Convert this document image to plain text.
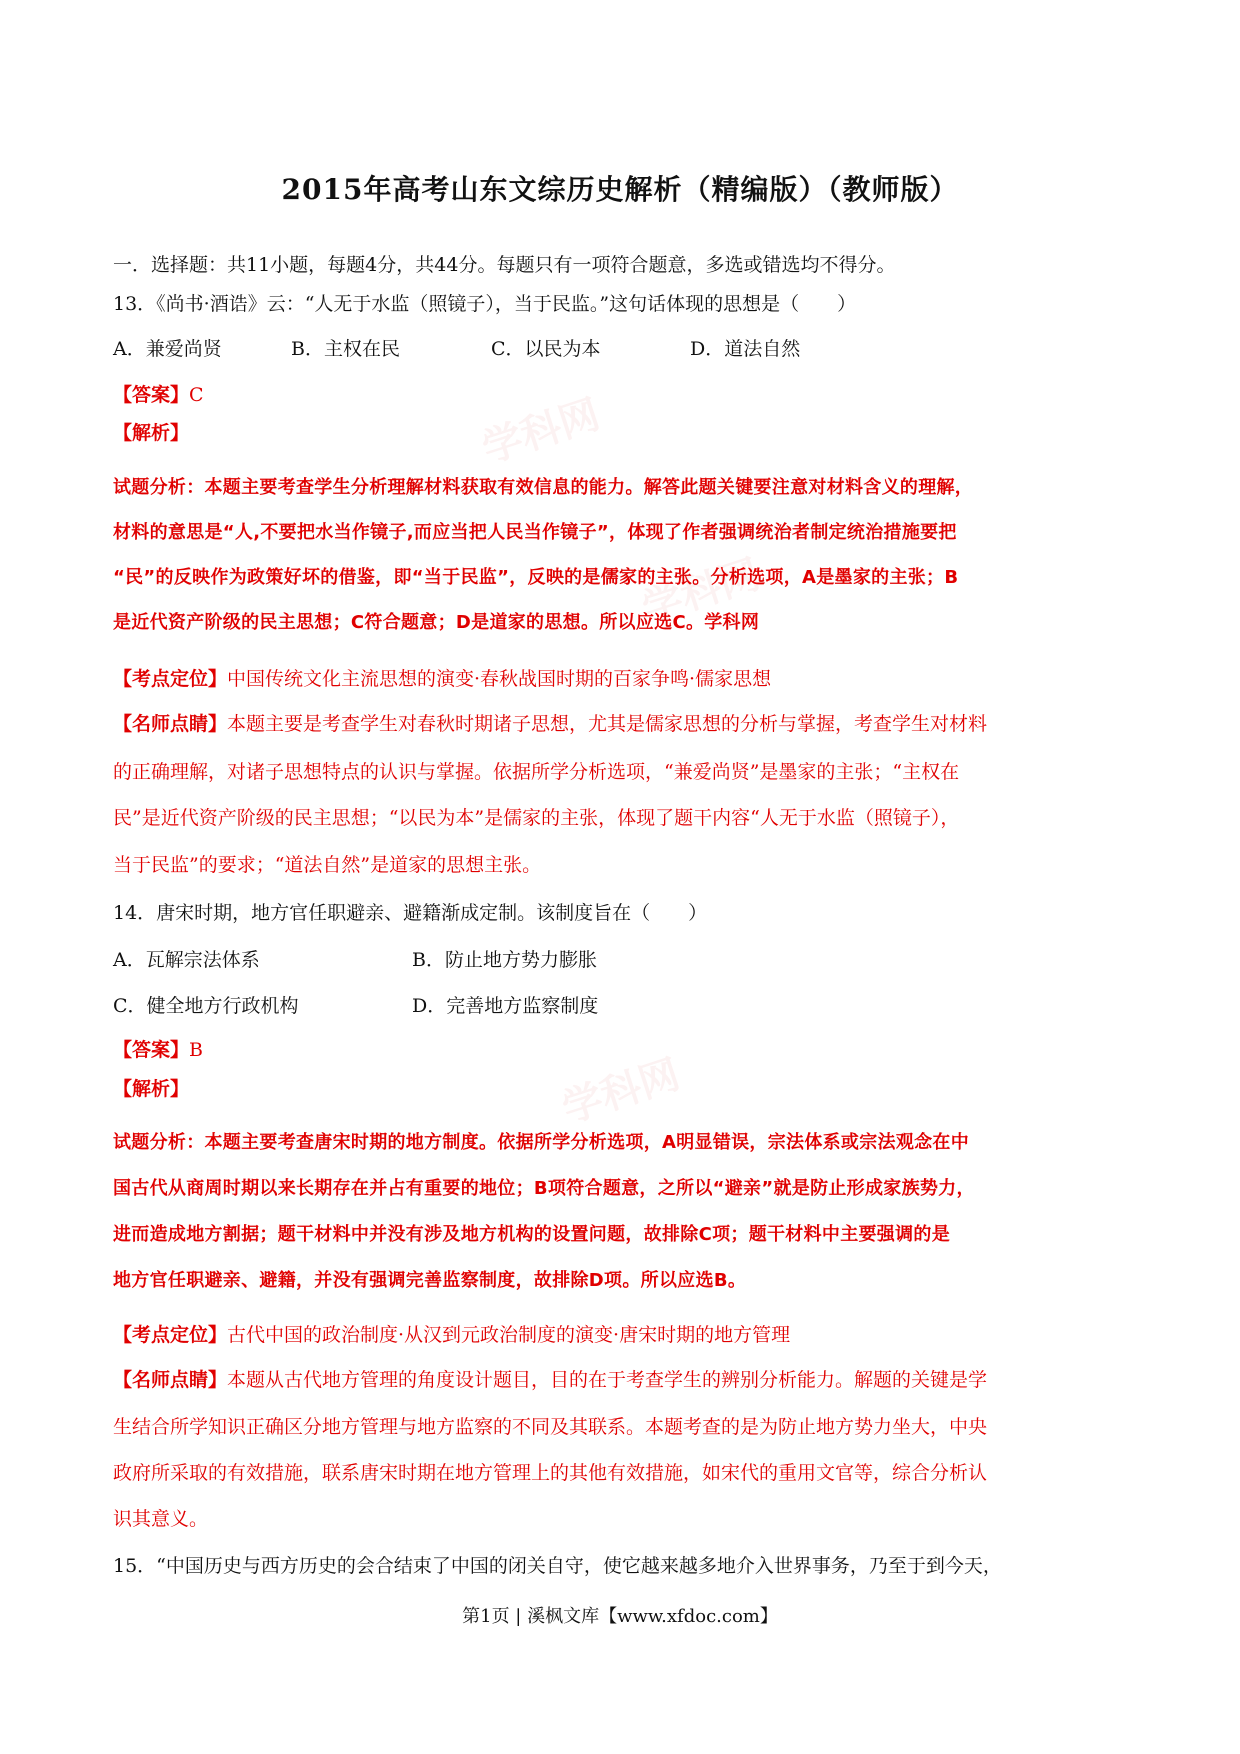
学科网
学科网
学科网
2015年高考山东文综历史解析（精编版）（教师版）
一．选择题：共11小题，每题4分，共44分。每题只有一项符合题意，多选或错选均不得分。
13．《尚书·酒诰》云：“人无于水监（照镜子），当于民监。”这句话体现的思想是（　　）
A．兼爱尚贤	B．主权在民	C．以民为本	D．道法自然
【答案】C
【解析】
试题分析：本题主要考查学生分析理解材料获取有效信息的能力。解答此题关键要注意对材料含义的理解，
材料的意思是“人,不要把水当作镜子,而应当把人民当作镜子”，体现了作者强调统治者制定统治措施要把
“民”的反映作为政策好坏的借鉴，即“当于民监”，反映的是儒家的主张。分析选项，A是墨家的主张；B
是近代资产阶级的民主思想；C符合题意；D是道家的思想。所以应选C。学科网
【考点定位】中国传统文化主流思想的演变·春秋战国时期的百家争鸣·儒家思想
【名师点睛】本题主要是考查学生对春秋时期诸子思想，尤其是儒家思想的分析与掌握，考查学生对材料
的正确理解，对诸子思想特点的认识与掌握。依据所学分析选项，“兼爱尚贤”是墨家的主张；“主权在
民”是近代资产阶级的民主思想；“以民为本”是儒家的主张，体现了题干内容“人无于水监（照镜子），
当于民监”的要求；“道法自然”是道家的思想主张。
14．唐宋时期，地方官任职避亲、避籍渐成定制。该制度旨在（　　）
A．瓦解宗法体系	B．防止地方势力膨胀
C．健全地方行政机构	D．完善地方监察制度
【答案】B
【解析】
试题分析：本题主要考查唐宋时期的地方制度。依据所学分析选项，A明显错误，宗法体系或宗法观念在中
国古代从商周时期以来长期存在并占有重要的地位；B项符合题意，之所以“避亲”就是防止形成家族势力，
进而造成地方割据；题干材料中并没有涉及地方机构的设置问题，故排除C项；题干材料中主要强调的是
地方官任职避亲、避籍，并没有强调完善监察制度，故排除D项。所以应选B。
【考点定位】古代中国的政治制度·从汉到元政治制度的演变·唐宋时期的地方管理
【名师点睛】本题从古代地方管理的角度设计题目，目的在于考查学生的辨别分析能力。解题的关键是学
生结合所学知识正确区分地方管理与地方监察的不同及其联系。本题考查的是为防止地方势力坐大，中央
政府所采取的有效措施，联系唐宋时期在地方管理上的其他有效措施，如宋代的重用文官等，综合分析认
识其意义。
15．“中国历史与西方历史的会合结束了中国的闭关自守，使它越来越多地介入世界事务，乃至于到今天，
第1页 | 溪枫文库【www.xfdoc.com】
